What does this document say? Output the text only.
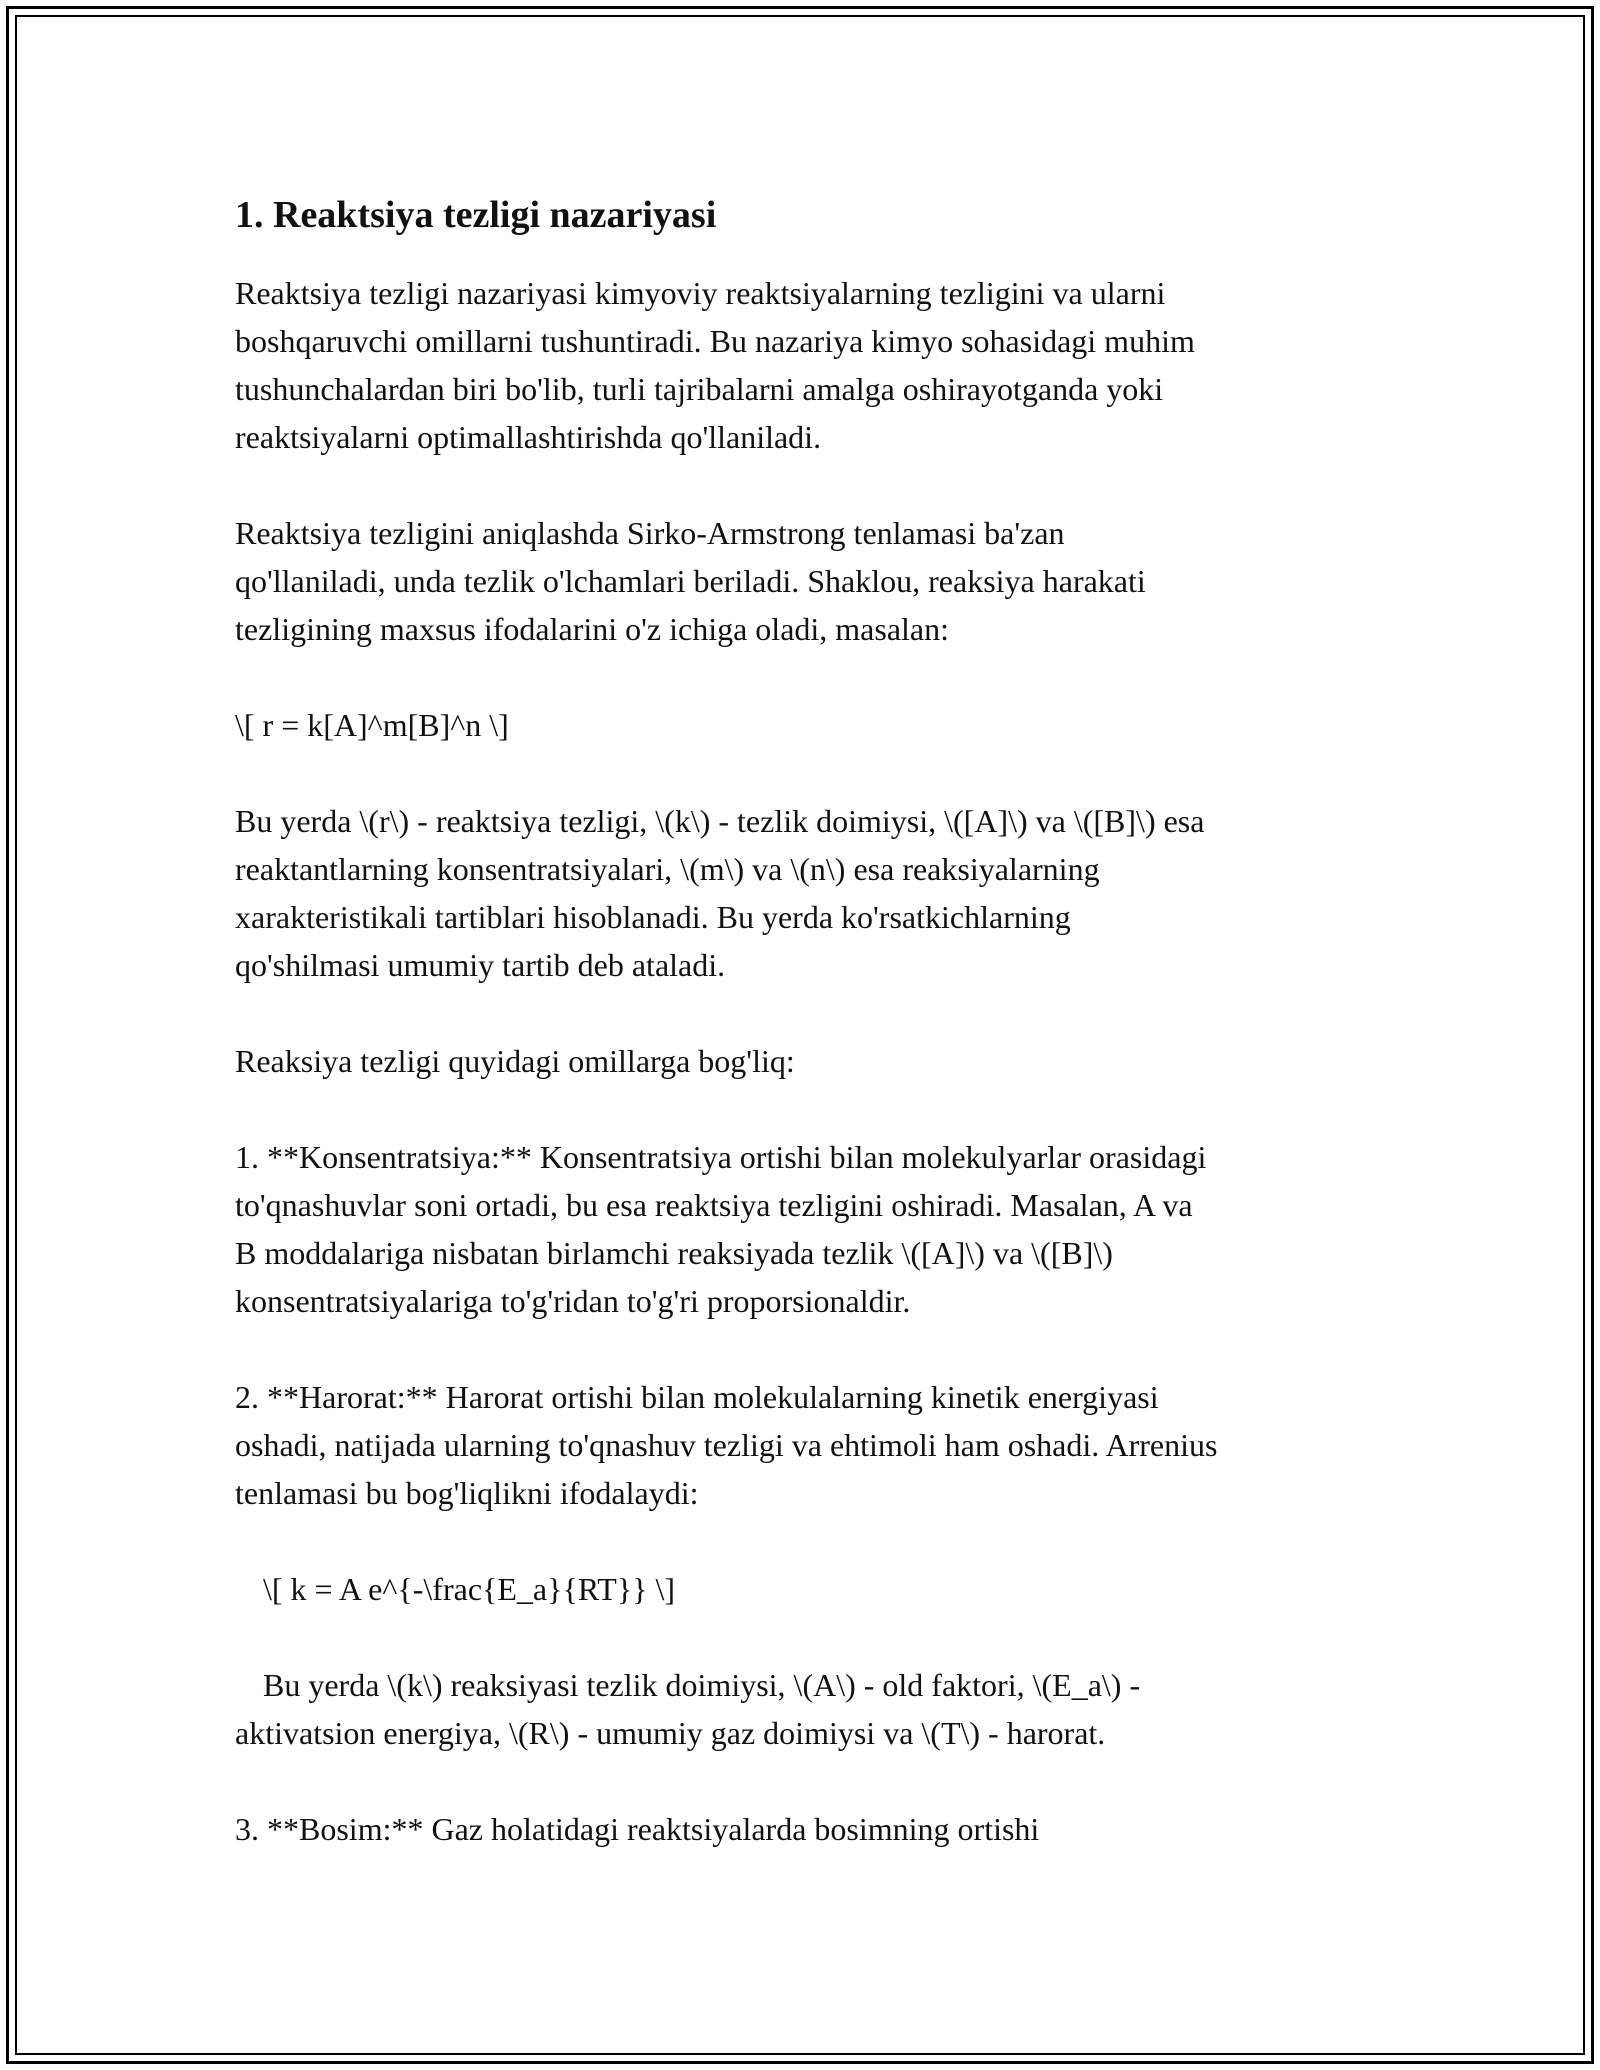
1. Reaktsiya tezligi nazariyasi

Reaktsiya tezligi nazariyasi kimyoviy reaktsiyalarning tezligini va ularni
boshqaruvchi omillarni tushuntiradi. Bu nazariya kimyo sohasidagi muhim
tushunchalardan biri bo'lib, turli tajribalarni amalga oshirayotganda yoki
reaktsiyalarni optimallashtirishda qo'llaniladi.

Reaktsiya tezligini aniqlashda Sirko-Armstrong tenlamasi ba'zan
qo'llaniladi, unda tezlik o'lchamlari beriladi. Shaklou, reaksiya harakati
tezligining maxsus ifodalarini o'z ichiga oladi, masalan:

\[ r = k[A]^m[B]^n \]

Bu yerda \(r\) - reaktsiya tezligi, \(k\) - tezlik doimiysi, \([A]\) va \([B]\) esa
reaktantlarning konsentratsiyalari, \(m\) va \(n\) esa reaksiyalarning
xarakteristikali tartiblari hisoblanadi. Bu yerda ko'rsatkichlarning
qo'shilmasi umumiy tartib deb ataladi.

Reaksiya tezligi quyidagi omillarga bog'liq:

1. **Konsentratsiya:** Konsentratsiya ortishi bilan molekulyarlar orasidagi
to'qnashuvlar soni ortadi, bu esa reaktsiya tezligini oshiradi. Masalan, A va
B moddalariga nisbatan birlamchi reaksiyada tezlik \([A]\) va \([B]\)
konsentratsiyalariga to'g'ridan to'g'ri proporsionaldir.

2. **Harorat:** Harorat ortishi bilan molekulalarning kinetik energiyasi
oshadi, natijada ularning to'qnashuv tezligi va ehtimoli ham oshadi. Arrenius
tenlamasi bu bog'liqlikni ifodalaydi:

\[ k = A e^{-\frac{E_a}{RT}} \]

Bu yerda \(k\) reaksiyasi tezlik doimiysi, \(A\) - old faktori, \(E_a\) -
aktivatsion energiya, \(R\) - umumiy gaz doimiysi va \(T\) - harorat.

3. **Bosim:** Gaz holatidagi reaktsiyalarda bosimning ortishi
